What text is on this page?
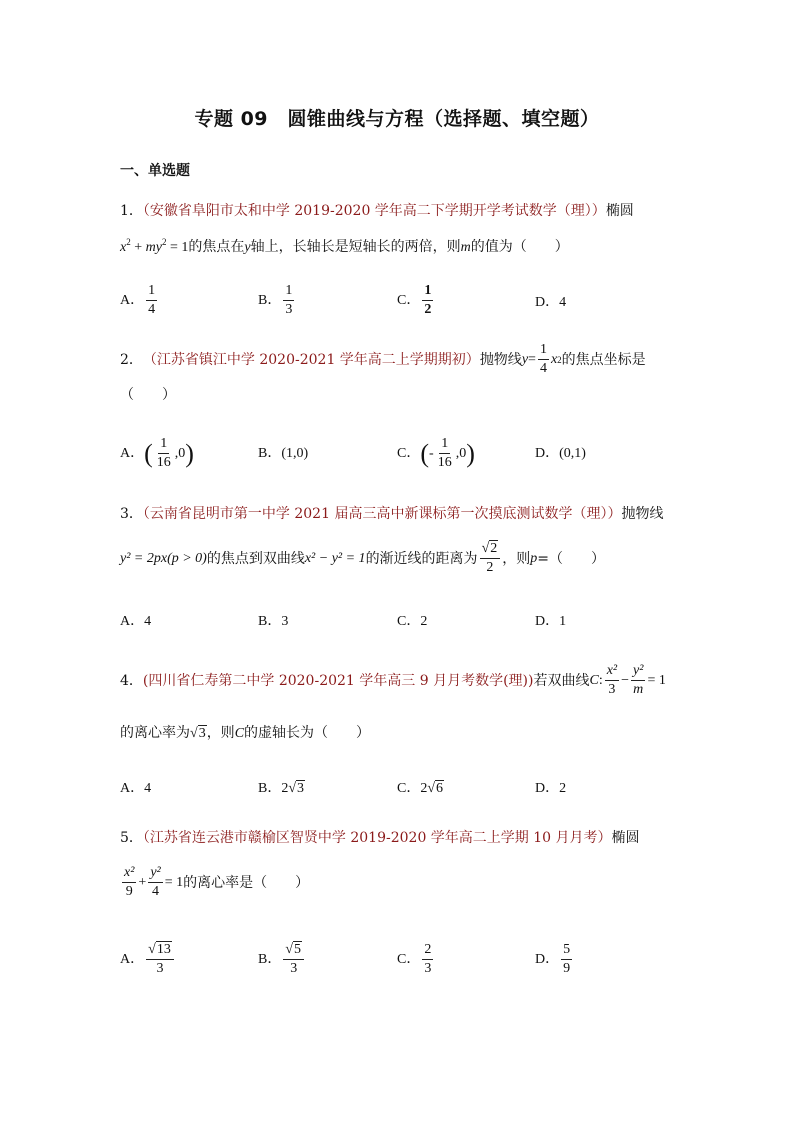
专题 09　圆锥曲线与方程（选择题、填空题）
一、单选题
1．（安徽省阜阳市太和中学 2019-2020 学年高二下学期开学考试数学（理））椭圆
$x^2 + my^2 = 1$的焦点在y轴上，长轴长是短轴长的两倍，则m的值为（　　）
A． $\frac{1}{4}$	B． $\frac{1}{3}$	C． $\frac{1}{2}$	D．4
2． （江苏省镇江中学 2020-2021 学年高二上学期期初） 抛物线 $y = \frac{1}{4}$ x 2 的焦点坐标是
（　　）
A． ( $\frac{1}{16} ,0$ )	B．(1,0)	C． ( - $\frac{1}{16} ,0$ )	D．(0,1)
3．（云南省昆明市第一中学 2021 届高三高中新课标第一次摸底测试数学（理））抛物线
y² = 2px(p > 0) 的焦点到双曲线 x² − y² = 1 的渐近线的距离为 $\frac{√2}{2}$ ，则 p =（　　）
A．4	B．3	C．2	D．1
4． (四川省仁寿第二中学 2020-2021 学年高三 9 月月考数学(理)) 若双曲线 C : $\frac{\text{x²}}{3} - \frac{\text{y²}}{m} = 1$
的离心率为√3，则C的虚轴长为（　　）
A．4	B．2√3	C．2√6	D．2
5．（江苏省连云港市赣榆区智贤中学 2019-2020 学年高二上学期 10 月月考）椭圆
$\frac{\text{x²}}{9} + \frac{\text{y²}}{4} = 1$ 的离心率是（　　）
A． $\frac{√13}{3}$	B． $\frac{√5}{3}$	C． $\frac{2}{3}$	D． $\frac{5}{9}$
